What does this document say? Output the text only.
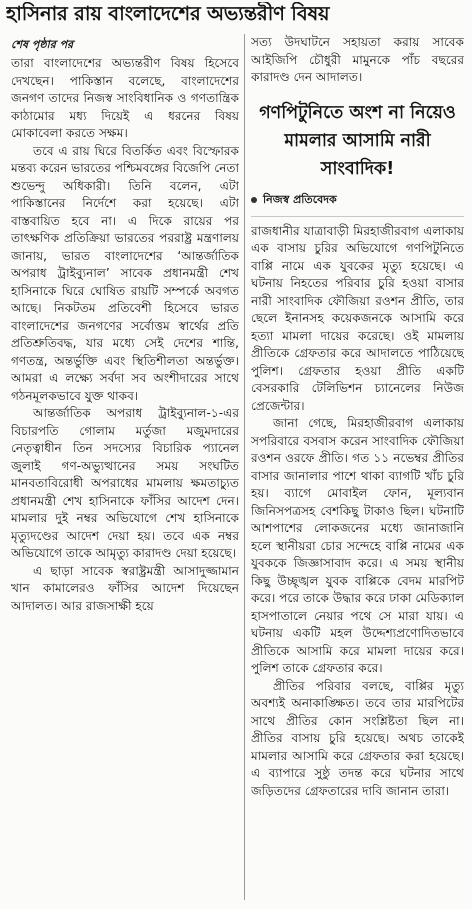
হাসিনার রায় বাংলাদেশের অভ্যন্তরীণ বিষয়
শেষ পৃষ্ঠার পর

তারা বাংলাদেশের অভ্যন্তরীণ বিষয় হিসেবে দেখছেন। পাকিস্তান বলেছে, বাংলাদেশের জনগণ তাদের নিজস্ব সাংবিধানিক ও গণতান্ত্রিক কাঠামোর মধ্য দিয়েই এ ধরনের বিষয় মোকাবেলা করতে সক্ষম।

তবে এ রায় ঘিরে বিতর্কিত এবং বিস্ফোরক মন্তব্য করেন ভারতের পশ্চিমবঙ্গের বিজেপি নেতা শুভেন্দু অধিকারী। তিনি বলেন, এটা পাকিস্তানের নির্দেশে করা হয়েছে। এটা বাস্তবায়িত হবে না। এ দিকে রায়ের পর তাৎক্ষণিক প্রতিক্রিয়া ভারতের পররাষ্ট্র মন্ত্রণালয় জানায়, ভারত বাংলাদেশের ‘আন্তর্জাতিক অপরাধ ট্রাইব্যুনাল’ সাবেক প্রধানমন্ত্রী শেখ হাসিনাকে ঘিরে ঘোষিত রায়টি সম্পর্কে অবগত আছে। নিকটতম প্রতিবেশী হিসেবে ভারত বাংলাদেশের জনগণের সর্বোত্তম স্বার্থের প্রতি প্রতিশ্রুতিবদ্ধ, যার মধ্যে সেই দেশের শান্তি, গণতন্ত্র, অন্তর্ভুক্তি এবং স্থিতিশীলতা অন্তর্ভুক্ত। আমরা এ লক্ষ্যে সর্বদা সব অংশীদারের সাথে গঠনমূলকভাবে যুক্ত থাকব।

আন্তর্জাতিক অপরাধ ট্রাইব্যুনাল-১-এর বিচারপতি গোলাম মর্তুজা মজুমদারের নেতৃত্বাধীন তিন সদস্যের বিচারিক প্যানেল জুলাই গণ-অভ্যুত্থানের সময় সংঘটিত মানবতাবিরোধী অপরাধের মামলায় ক্ষমতাচ্যুত প্রধানমন্ত্রী শেখ হাসিনাকে ফাঁসির আদেশ দেন। মামলার দুই নম্বর অভিযোগে শেখ হাসিনাকে মৃত্যুদণ্ডের আদেশ দেয়া হয়। তবে এক নম্বর অভিযোগে তাকে আমৃত্যু কারাদণ্ড দেয়া হয়েছে।

এ ছাড়া সাবেক স্বরাষ্ট্রমন্ত্রী আসাদুজ্জামান খান কামালেরও ফাঁসির আদেশ দিয়েছেন আদালত। আর রাজসাক্ষী হয়ে

সত্য উদঘাটনে সহায়তা করায় সাবেক আইজিপি চৌধুরী মামুনকে পাঁচ বছরের কারাদণ্ড দেন আদালত।

গণপিটুনিতে অংশ না নিয়েও মামলার আসামি নারী সাংবাদিক!
নিজস্ব প্রতিবেদক

রাজধানীর যাত্রাবাড়ী মিরহাজীরবাগ এলাকায় এক বাসায় চুরির অভিযোগে গণপিটুনিতে বাপ্পি নামে এক যুবকের মৃত্যু হয়েছে। এ ঘটনায় নিহতের পরিবার চুরি হওয়া বাসার নারী সাংবাদিক ফৌজিয়া রওশন প্রীতি, তার ছেলে ইনানসহ কয়েকজনকে আসামি করে হত্যা মামলা দায়ের করেছে। ওই মামলায় প্রীতিকে গ্রেফতার করে আদালতে পাঠিয়েছে পুলিশ। গ্রেফতার হওয়া প্রীতি একটি বেসরকারি টেলিভিশন চ্যানেলের নিউজ প্রেজেন্টার।

জানা গেছে, মিরহাজীরবাগ এলাকায় সপরিবারে বসবাস করেন সাংবাদিক ফৌজিয়া রওশন ওরফে প্রীতি। গত ১১ নভেম্বর প্রীতির বাসার জানালার পাশে থাকা ব্যাগটি খাঁচ চুরি হয়। ব্যাগে মোবাইল ফোন, মূল্যবান জিনিসপত্রসহ বেশকিছু টাকাও ছিল। ঘটনাটি আশপাশের লোকজনের মধ্যে জানাজানি হলে স্থানীয়রা চোর সন্দেহে বাপ্পি নামের এক যুবককে জিজ্ঞাসাবাদ করে। এ সময় স্থানীয় কিছু উচ্ছৃঙ্খল যুবক বাপ্পিকে বেদম মারপিট করে। পরে তাকে উদ্ধার করে ঢাকা মেডিক্যাল হাসপাতালে নেয়ার পথে সে মারা যায়। এ ঘটনায় একটি মহল উদ্দেশ্যপ্রণোদিতভাবে প্রীতিকে আসামি করে মামলা দায়ের করে। পুলিশ তাকে গ্রেফতার করে।

প্রীতির পরিবার বলছে, বাপ্পির মৃত্যু অবশ্যই অনাকাঙ্ক্ষিত। তবে তার মারপিটের সাথে প্রীতির কোন সংশ্লিষ্টতা ছিল না। প্রীতির বাসায় চুরি হয়েছে। অথচ তাকেই মামলার আসামি করে গ্রেফতার করা হয়েছে। এ ব্যাপারে সুষ্ঠু তদন্ত করে ঘটনার সাথে জড়িতদের গ্রেফতারের দাবি জানান তারা।
